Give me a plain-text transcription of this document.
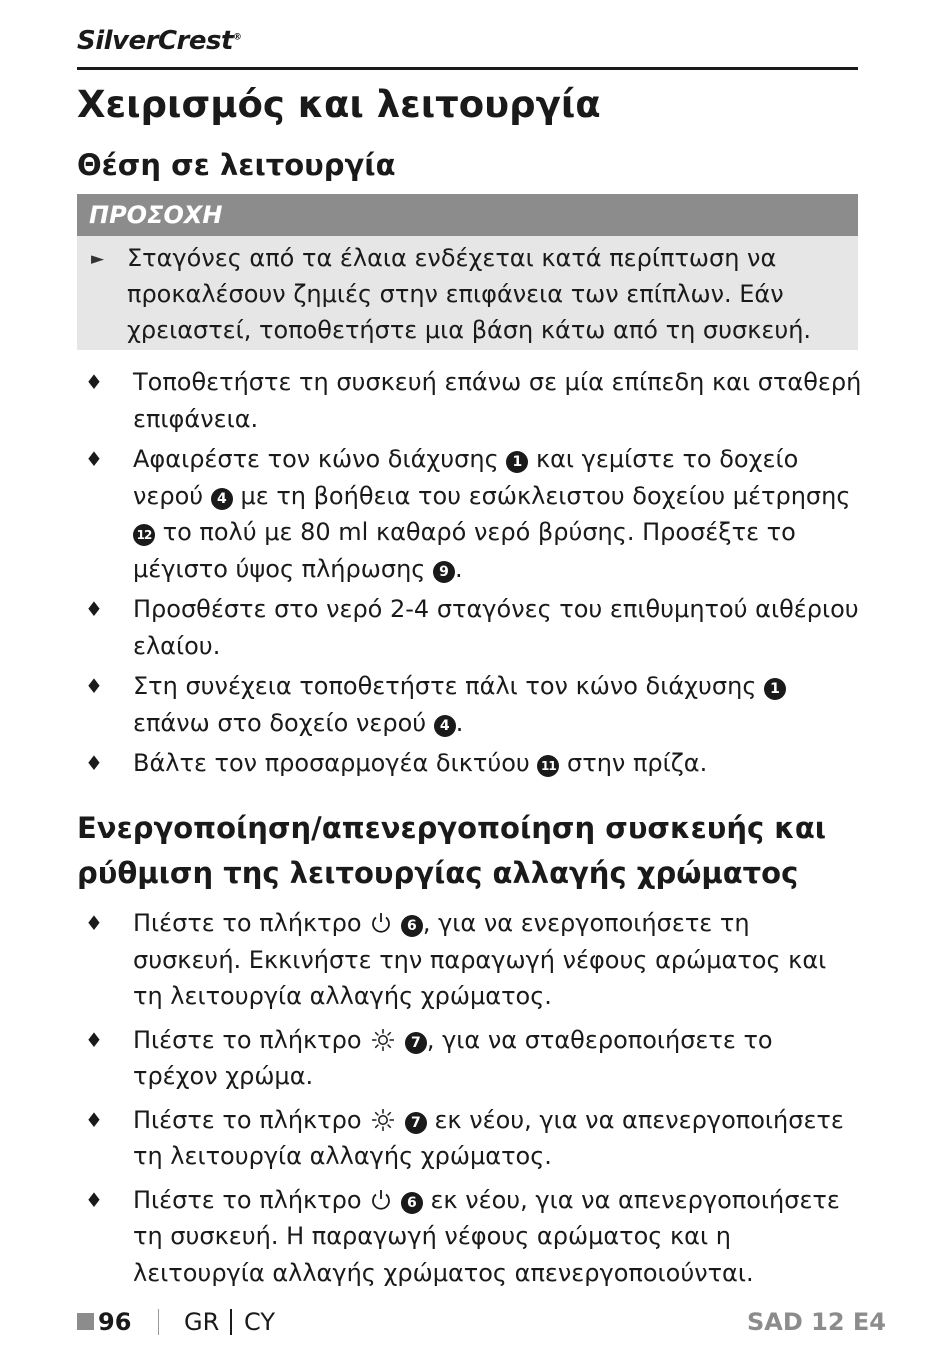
SilverCrest®
Χειρισμός και λειτουργία
Θέση σε λειτουργία
ΠΡΟΣΟΧΗ
► Σταγόνες από τα έλαια ενδέχεται κατά περίπτωση να προκαλέσουν ζημιές στην επιφάνεια των επίπλων. Εάν χρειαστεί, τοποθετήστε μια βάση κάτω από τη συσκευή.
♦ Τοποθετήστε τη συσκευή επάνω σε μία επίπεδη και σταθερή επιφάνεια.
♦ Αφαιρέστε τον κώνο διάχυσης 1 και γεμίστε το δοχείο νερού 4 με τη βοήθεια του εσώκλειστου δοχείου μέτρησης 12 το πολύ με 80 ml καθαρό νερό βρύσης. Προσέξτε το μέγιστο ύψος πλήρωσης 9 .
♦ Προσθέστε στο νερό 2-4 σταγόνες του επιθυμητού αιθέριου ελαίου.
♦ Στη συνέχεια τοποθετήστε πάλι τον κώνο διάχυσης 1 επάνω στο δοχείο νερού 4 .
♦ Βάλτε τον προσαρμογέα δικτύου 11 στην πρίζα.
Ενεργοποίηση/απενεργοποίηση συσκευής και ρύθμιση της λειτουργίας αλλαγής χρώματος
♦ Πιέστε το πλήκτρο	6 , για να ενεργοποιήσετε τη συσκευή. Εκκινήστε την παραγωγή νέφους αρώματος και τη λειτουργία αλλαγής χρώματος.
♦ Πιέστε το πλήκτρο	7 , για να σταθεροποιήσετε το τρέχον χρώμα.
♦ Πιέστε το πλήκτρο	7 εκ νέου, για να απενεργοποιήσετε τη λειτουργία αλλαγής χρώματος.
♦ Πιέστε το πλήκτρο	6 εκ νέου, για να απενεργοποιήσετε τη συσκευή. Η παραγωγή νέφους αρώματος και η λειτουργία αλλαγής χρώματος απενεργοποιούνται.
96 GR CY	SAD 12 E4
